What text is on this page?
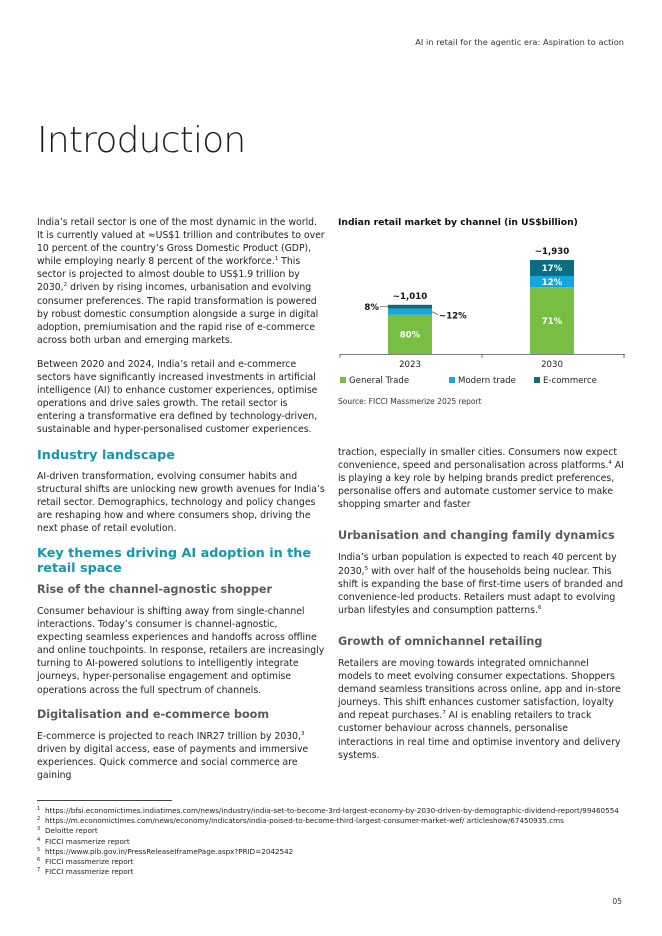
AI in retail for the agentic era: Aspiration to action
Introduction

India’s retail sector is one of the most dynamic in the world. It is currently valued at ≈US$1 trillion and contributes to over 10 percent of the country’s Gross Domestic Product (GDP), while employing nearly 8 percent of the workforce.$^1$ This sector is projected to almost double to US$1.9 trillion by 2030,$^2$ driven by rising incomes, urbanisation and evolving consumer preferences. The rapid transformation is powered by robust domestic consumption alongside a surge in digital adoption, premiumisation and the rapid rise of e-commerce across both urban and emerging markets.

Between 2020 and 2024, India’s retail and e-commerce sectors have significantly increased investments in artificial intelligence (AI) to enhance customer experiences, optimise operations and drive sales growth. The retail sector is entering a transformative era defined by technology-driven, sustainable and hyper-personalised customer experiences.

Industry landscape

AI-driven transformation, evolving consumer habits and structural shifts are unlocking new growth avenues for India’s retail sector. Demographics, technology and policy changes are reshaping how and where consumers shop, driving the next phase of retail evolution.

Key themes driving AI adoption in the retail space
Rise of the channel-agnostic shopper

Consumer behaviour is shifting away from single-channel interactions. Today’s consumer is channel-agnostic, expecting seamless experiences and handoffs across offline and online touchpoints. In response, retailers are increasingly turning to AI-powered solutions to intelligently integrate journeys, hyper-personalise engagement and optimise operations across the full spectrum of channels.

Digitalisation and e-commerce boom

E-commerce is projected to reach INR27 trillion by 2030,$^3$ driven by digital access, ease of payments and immersive experiences. Quick commerce and social commerce are gaining

Indian retail market by channel (in US$billion)
80%
~12%
8%
~1,010
2023
71%
12%
17%
~1,930
2030
General Trade	Modern trade	E-commerce
Source: FICCI Massmerize 2025 report

traction, especially in smaller cities. Consumers now expect convenience, speed and personalisation across platforms.$^4$ AI is playing a key role by helping brands predict preferences, personalise offers and automate customer service to make shopping smarter and faster

Urbanisation and changing family dynamics

India’s urban population is expected to reach 40 percent by 2030,$^5$ with over half of the households being nuclear. This shift is expanding the base of first-time users of branded and convenience-led products. Retailers must adapt to evolving urban lifestyles and consumption patterns.$^6$

Growth of omnichannel retailing

Retailers are moving towards integrated omnichannel models to meet evolving consumer expectations. Shoppers demand seamless transitions across online, app and in-store journeys. This shift enhances customer satisfaction, loyalty and repeat purchases.$^7$ AI is enabling retailers to track customer behaviour across channels, personalise interactions in real time and optimise inventory and delivery systems.

1 https://bfsi.economictimes.indiatimes.com/news/industry/india-set-to-become-3rd-largest-economy-by-2030-driven-by-demographic-dividend-report/99460554
2 https://m.economictimes.com/news/economy/indicators/india-poised-to-become-third-largest-consumer-market-wef/ articleshow/67450935.cms
3 Deloitte report
4 FICCI masmerize report
5 https://www.pib.gov.in/PressReleaseIframePage.aspx?PRID=2042542
6 FICCI massmerize report
7 FICCI massmerize report
05
